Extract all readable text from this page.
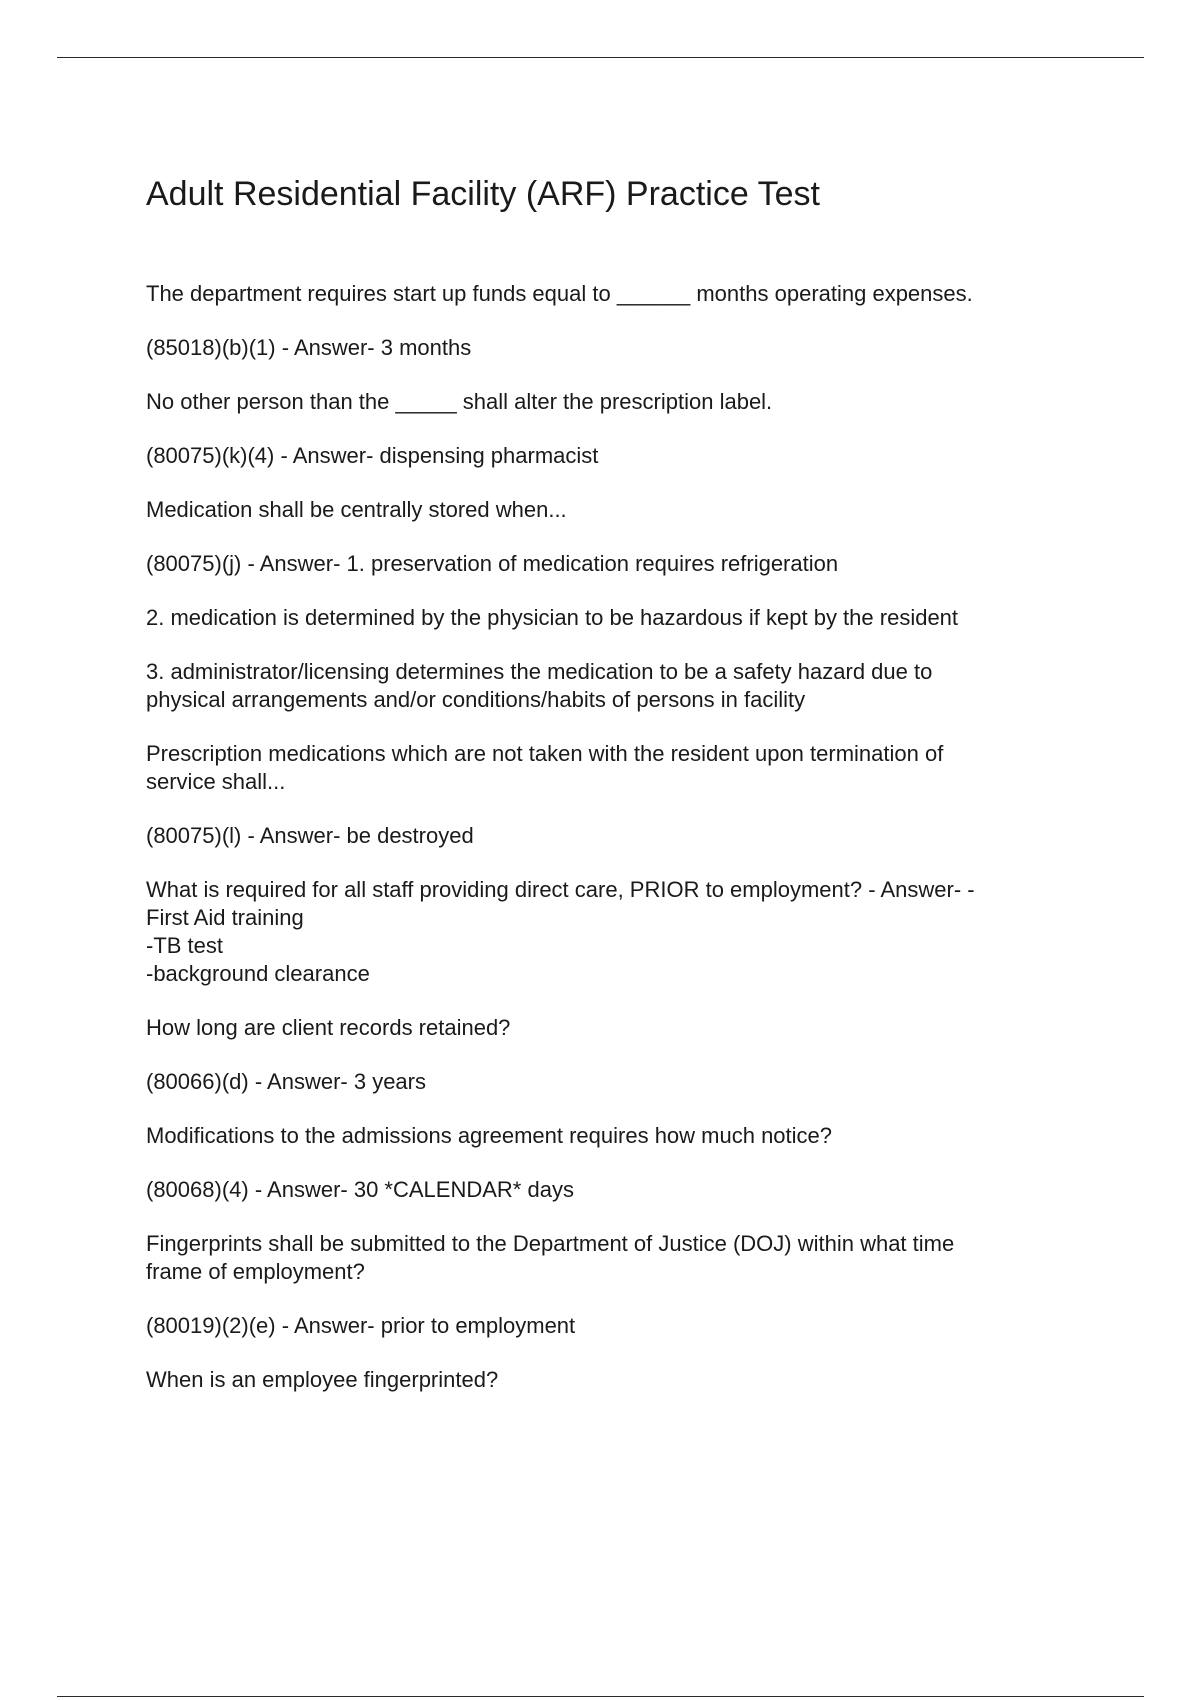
Adult Residential Facility (ARF) Practice Test

The department requires start up funds equal to ______ months operating expenses.

(85018)(b)(1) - Answer- 3 months

No other person than the _____ shall alter the prescription label.

(80075)(k)(4) - Answer- dispensing pharmacist

Medication shall be centrally stored when...

(80075)(j) - Answer- 1. preservation of medication requires refrigeration

2. medication is determined by the physician to be hazardous if kept by the resident

3. administrator/licensing determines the medication to be a safety hazard due to
physical arrangements and/or conditions/habits of persons in facility

Prescription medications which are not taken with the resident upon termination of
service shall...

(80075)(l) - Answer- be destroyed

What is required for all staff providing direct care, PRIOR to employment? - Answer- -
First Aid training
-TB test
-background clearance

How long are client records retained?

(80066)(d) - Answer- 3 years

Modifications to the admissions agreement requires how much notice?

(80068)(4) - Answer- 30 *CALENDAR* days

Fingerprints shall be submitted to the Department of Justice (DOJ) within what time
frame of employment?

(80019)(2)(e) - Answer- prior to employment

When is an employee fingerprinted?
